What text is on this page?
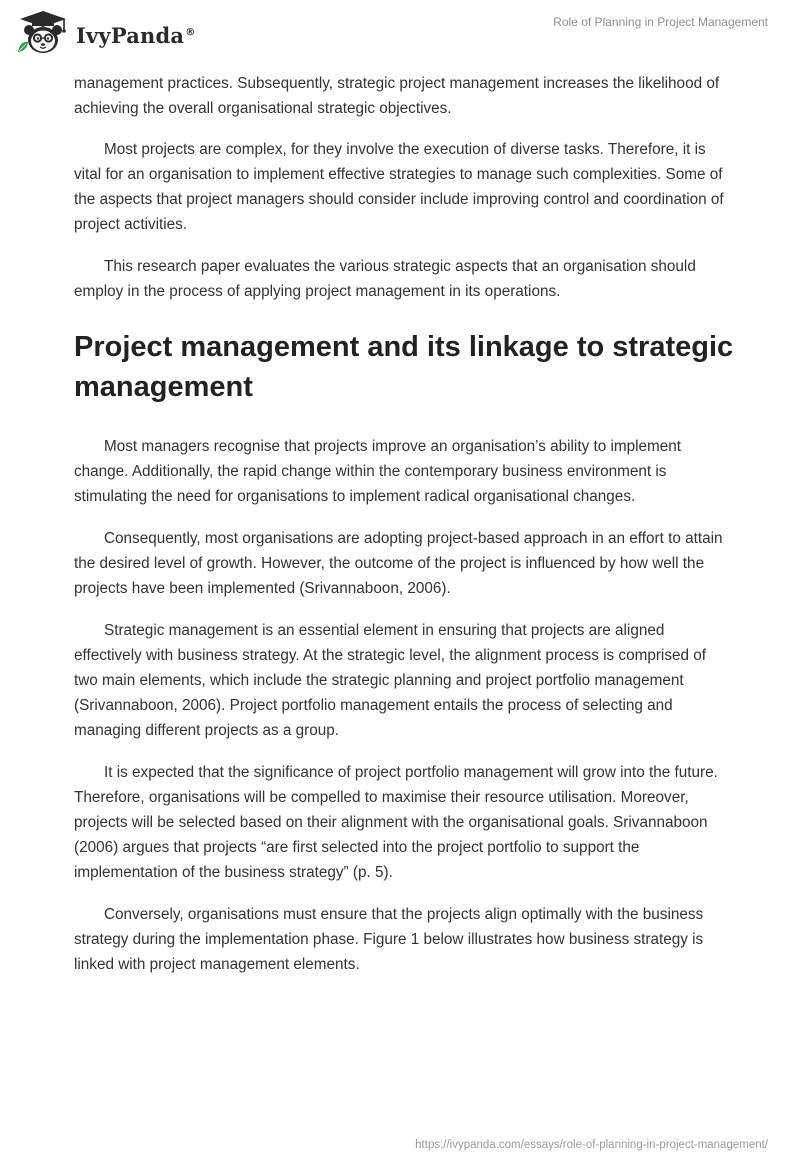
IvyPanda®
Role of Planning in Project Management

management practices. Subsequently, strategic project management increases the likelihood of achieving the overall organisational strategic objectives.

Most projects are complex, for they involve the execution of diverse tasks. Therefore, it is vital for an organisation to implement effective strategies to manage such complexities. Some of the aspects that project managers should consider include improving control and coordination of project activities.

This research paper evaluates the various strategic aspects that an organisation should employ in the process of applying project management in its operations.

Project management and its linkage to strategic management

Most managers recognise that projects improve an organisation’s ability to implement change. Additionally, the rapid change within the contemporary business environment is stimulating the need for organisations to implement radical organisational changes.

Consequently, most organisations are adopting project-based approach in an effort to attain the desired level of growth. However, the outcome of the project is influenced by how well the projects have been implemented (Srivannaboon, 2006).

Strategic management is an essential element in ensuring that projects are aligned effectively with business strategy. At the strategic level, the alignment process is comprised of two main elements, which include the strategic planning and project portfolio management (Srivannaboon, 2006). Project portfolio management entails the process of selecting and managing different projects as a group.

It is expected that the significance of project portfolio management will grow into the future. Therefore, organisations will be compelled to maximise their resource utilisation. Moreover, projects will be selected based on their alignment with the organisational goals. Srivannaboon (2006) argues that projects “are first selected into the project portfolio to support the implementation of the business strategy” (p. 5).

Conversely, organisations must ensure that the projects align optimally with the business strategy during the implementation phase. Figure 1 below illustrates how business strategy is linked with project management elements.

https://ivypanda.com/essays/role-of-planning-in-project-management/
